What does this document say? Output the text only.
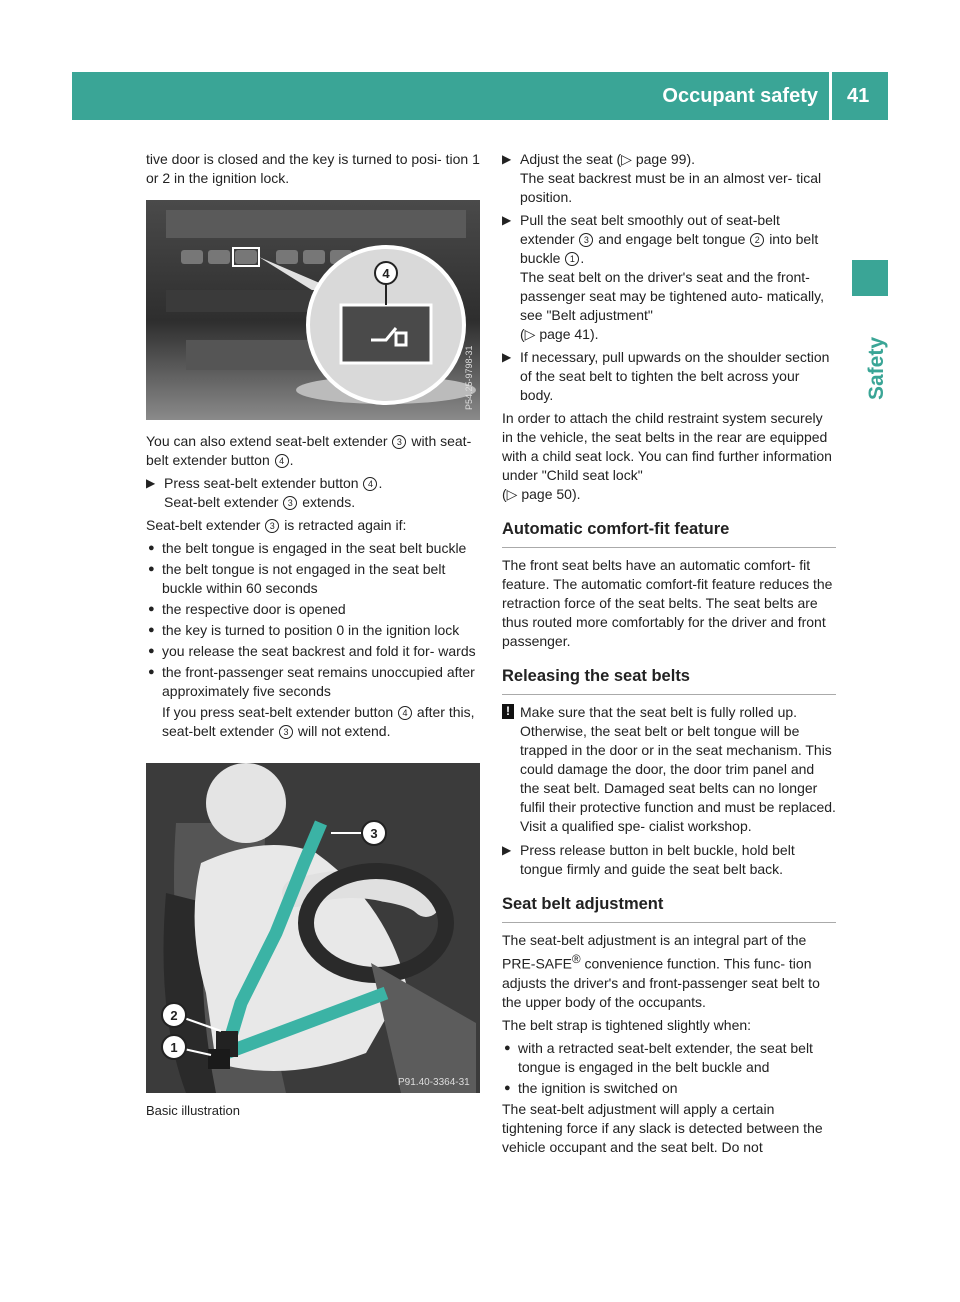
Occupant safety 41
Safety

tive door is closed and the key is turned to posi- tion 1 or 2 in the ignition lock.

4
P54.25-9798-31

You can also extend seat-belt extender 3 with seat-belt extender button 4 .

▶ Press seat-belt extender button 4 .
Seat-belt extender 3 extends.

Seat-belt extender 3 is retracted again if:

● the belt tongue is engaged in the seat belt buckle
● the belt tongue is not engaged in the seat belt buckle within 60 seconds
● the respective door is opened
● the key is turned to position 0 in the ignition lock
● you release the seat backrest and fold it for- wards
● the front-passenger seat remains unoccupied after approximately five seconds
If you press seat-belt extender button 4 after this, seat-belt extender 3 will not extend.
3
2
1
P91.40-3364-31
Basic illustration
▶ Adjust the seat (▷ page 99).
The seat backrest must be in an almost ver- tical position.
▶ Pull the seat belt smoothly out of seat-belt extender 3 and engage belt tongue 2 into belt buckle 1 .
The seat belt on the driver's seat and the front-passenger seat may be tightened auto- matically, see "Belt adjustment"
(▷ page 41).
▶ If necessary, pull upwards on the shoulder section of the seat belt to tighten the belt across your body.

In order to attach the child restraint system securely in the vehicle, the seat belts in the rear are equipped with a child seat lock. You can find further information under "Child seat lock"
(▷ page 50).

Automatic comfort-fit feature

The front seat belts have an automatic comfort- fit feature. The automatic comfort-fit feature reduces the retraction force of the seat belts. The seat belts are thus routed more comfortably for the driver and front passenger.

Releasing the seat belts
! Make sure that the seat belt is fully rolled up. Otherwise, the seat belt or belt tongue will be trapped in the door or in the seat mechanism. This could damage the door, the door trim panel and the seat belt. Damaged seat belts can no longer fulfil their protective function and must be replaced. Visit a qualified spe- cialist workshop.
▶ Press release button in belt buckle, hold belt tongue firmly and guide the seat belt back.
Seat belt adjustment

The seat-belt adjustment is an integral part of the PRE-SAFE® convenience function. This func- tion adjusts the driver's and front-passenger seat belt to the upper body of the occupants.

The belt strap is tightened slightly when:

● with a retracted seat-belt extender, the seat belt tongue is engaged in the belt buckle and
● the ignition is switched on

The seat-belt adjustment will apply a certain tightening force if any slack is detected between the vehicle occupant and the seat belt. Do not
